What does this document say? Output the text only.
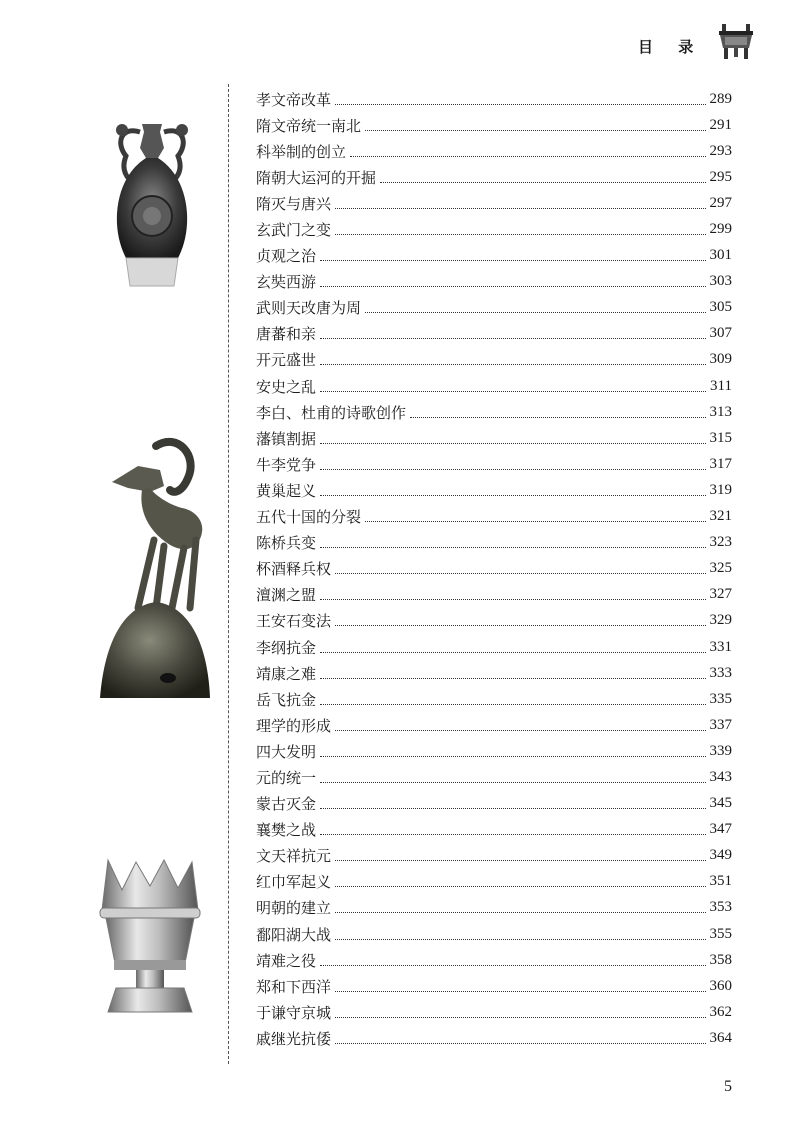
目 录
孝文帝改革	289
隋文帝统一南北	291
科举制的创立	293
隋朝大运河的开掘	295
隋灭与唐兴	297
玄武门之变	299
贞观之治	301
玄奘西游	303
武则天改唐为周	305
唐蕃和亲	307
开元盛世	309
安史之乱	311
李白、杜甫的诗歌创作	313
藩镇割据	315
牛李党争	317
黄巢起义	319
五代十国的分裂	321
陈桥兵变	323
杯酒释兵权	325
澶渊之盟	327
王安石变法	329
李纲抗金	331
靖康之难	333
岳飞抗金	335
理学的形成	337
四大发明	339
元的统一	343
蒙古灭金	345
襄樊之战	347
文天祥抗元	349
红巾军起义	351
明朝的建立	353
鄱阳湖大战	355
靖难之役	358
郑和下西洋	360
于谦守京城	362
戚继光抗倭	364
5
